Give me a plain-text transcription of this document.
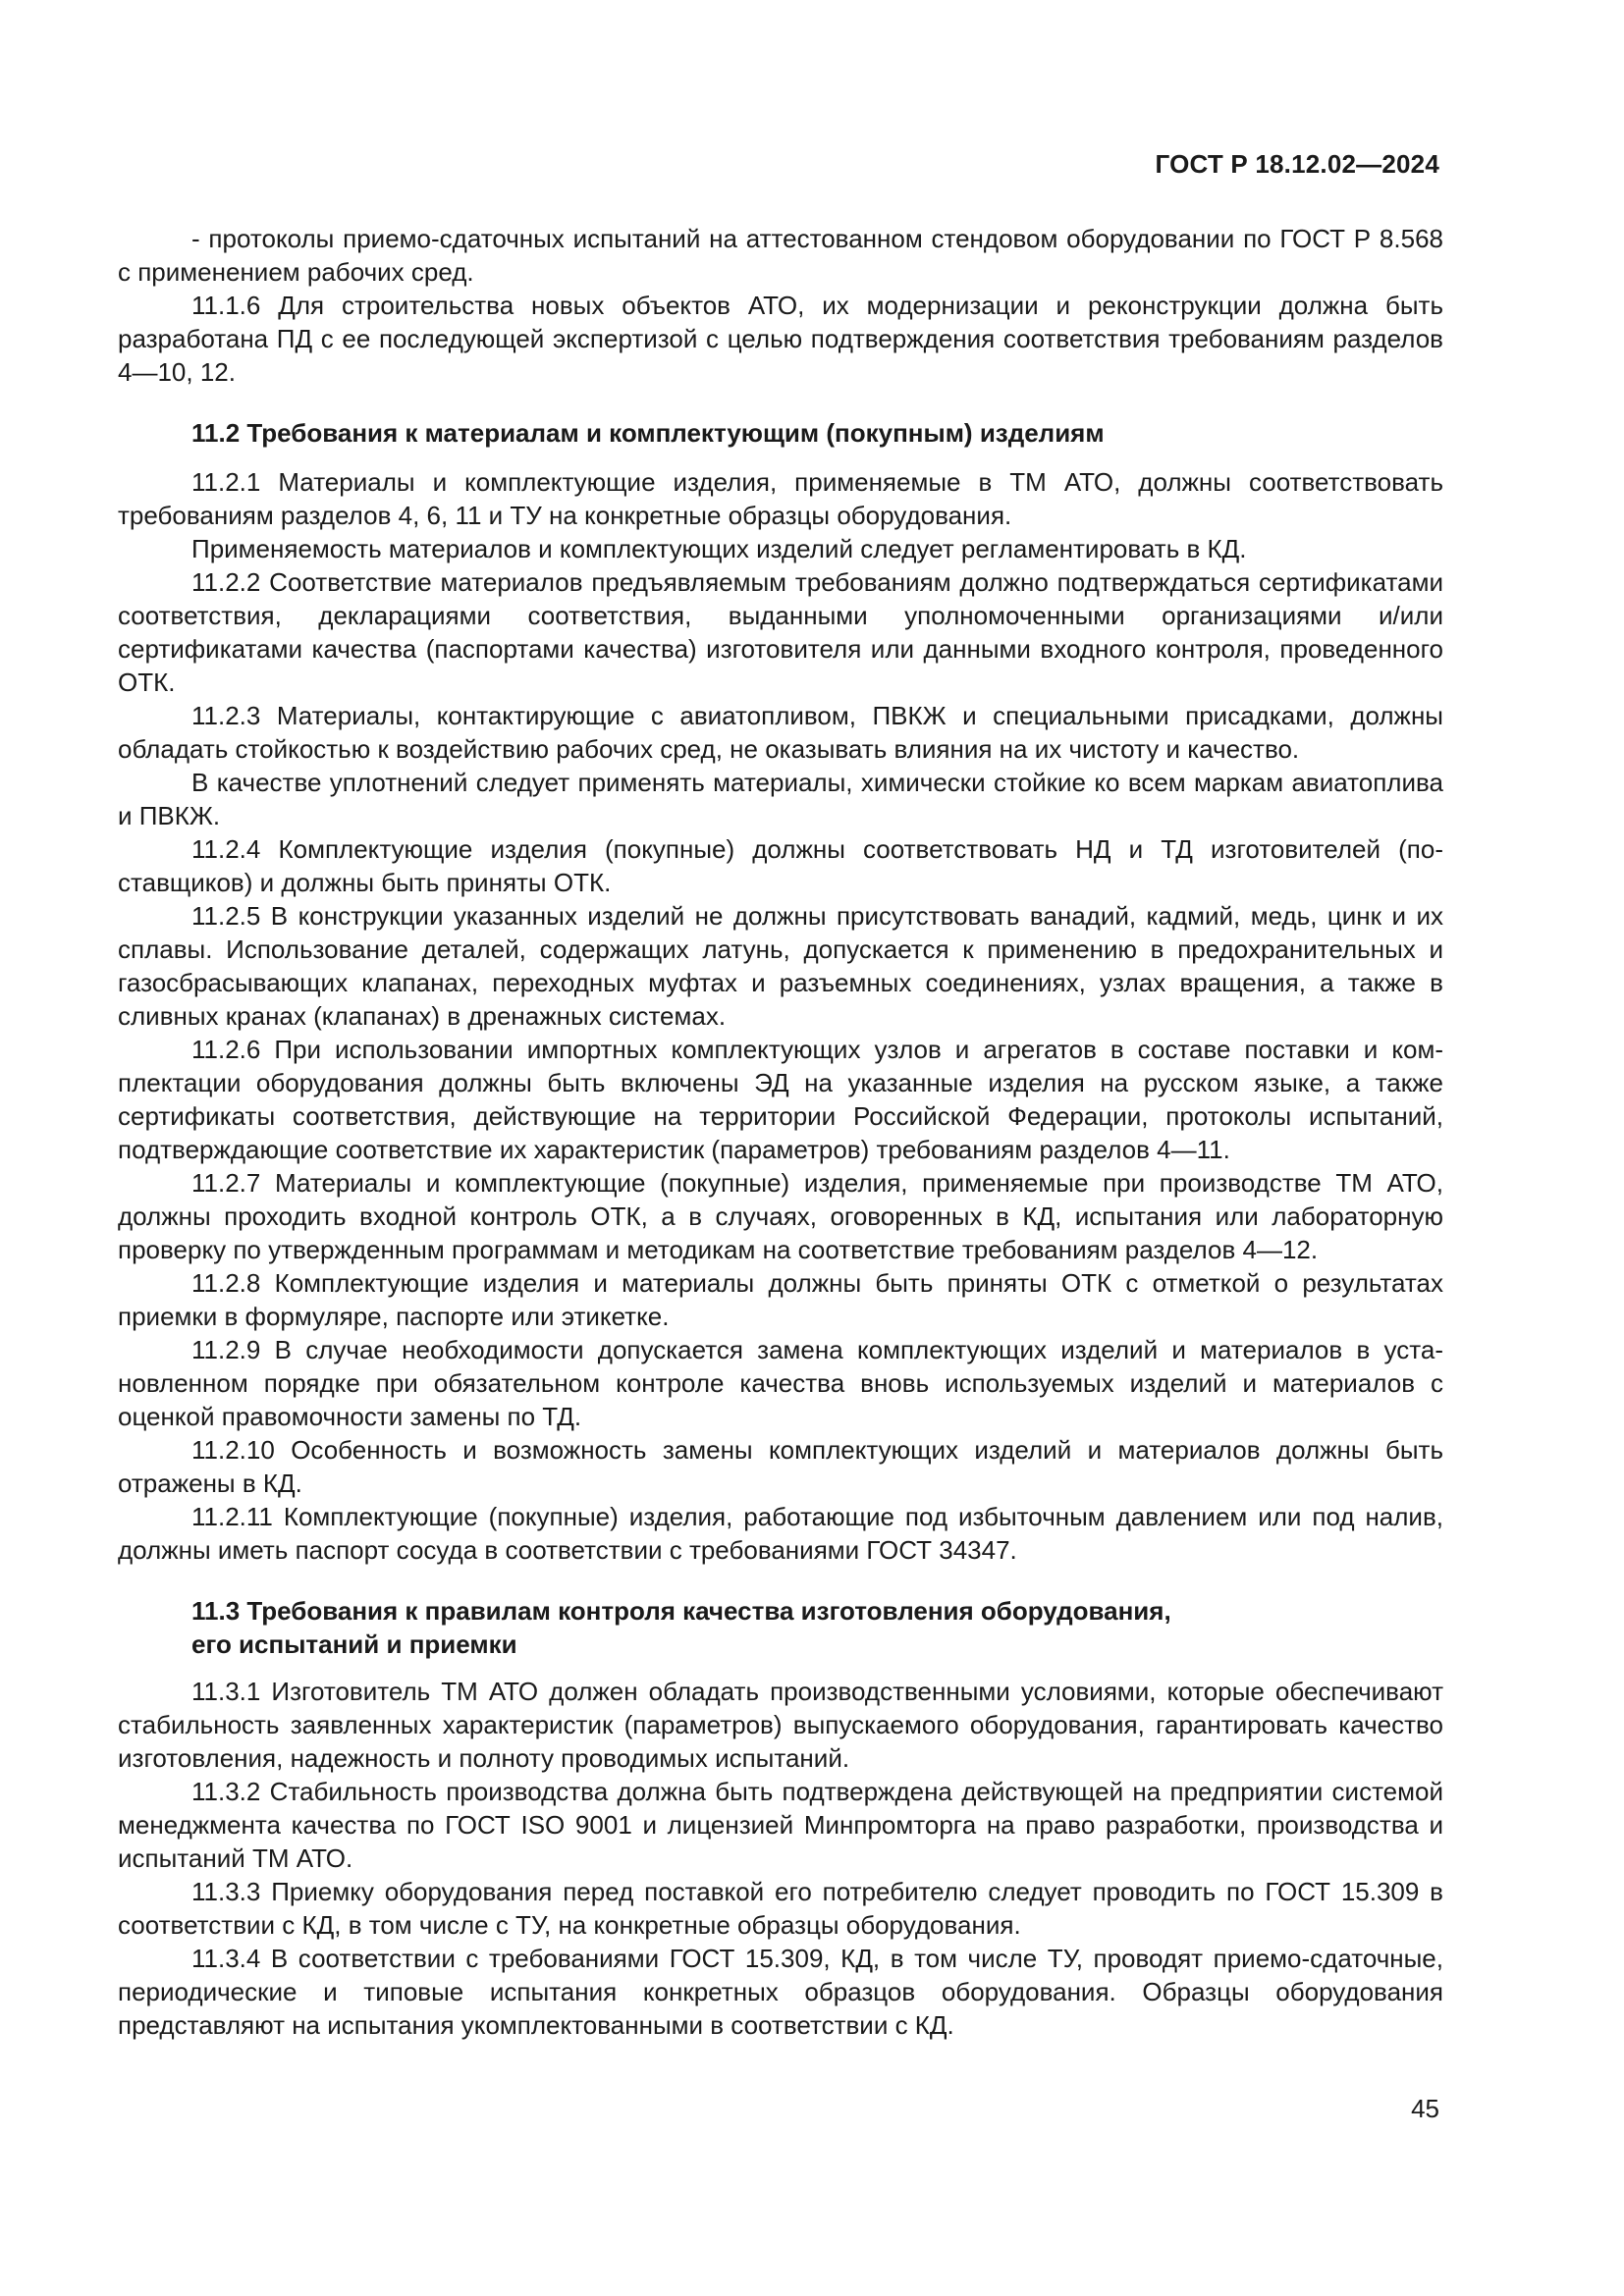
ГОСТ Р 18.12.02—2024

- протоколы приемо-сдаточных испытаний на аттестованном стендовом оборудовании по ГОСТ Р 8.568 с применением рабочих сред.

11.1.6 Для строительства новых объектов АТО, их модернизации и реконструкции должна быть разработана ПД с ее последующей экспертизой с целью подтверждения соответствия требованиям разделов 4—10, 12.

11.2 Требования к материалам и комплектующим (покупным) изделиям

11.2.1 Материалы и комплектующие изделия, применяемые в ТМ АТО, должны соответствовать требованиям разделов 4, 6, 11 и ТУ на конкретные образцы оборудования.

Применяемость материалов и комплектующих изделий следует регламентировать в КД.

11.2.2 Соответствие материалов предъявляемым требованиям должно подтверждаться сертификатами соответствия, декларациями соответствия, выданными уполномоченными организациями и/или сертификатами качества (паспортами качества) изготовителя или данными входного контроля, проведенного ОТК.

11.2.3 Материалы, контактирующие с авиатопливом, ПВКЖ и специальными присадками, должны обладать стойкостью к воздействию рабочих сред, не оказывать влияния на их чистоту и качество.

В качестве уплотнений следует применять материалы, химически стойкие ко всем маркам авиатоплива и ПВКЖ.

11.2.4 Комплектующие изделия (покупные) должны соответствовать НД и ТД изготовителей (поставщиков) и должны быть приняты ОТК.

11.2.5 В конструкции указанных изделий не должны присутствовать ванадий, кадмий, медь, цинк и их сплавы. Использование деталей, содержащих латунь, допускается к применению в предохранительных и газосбрасывающих клапанах, переходных муфтах и разъемных соединениях, узлах вращения, а также в сливных кранах (клапанах) в дренажных системах.

11.2.6 При использовании импортных комплектующих узлов и агрегатов в составе поставки и комплектации оборудования должны быть включены ЭД на указанные изделия на русском языке, а также сертификаты соответствия, действующие на территории Российской Федерации, протоколы испытаний, подтверждающие соответствие их характеристик (параметров) требованиям разделов 4—11.

11.2.7 Материалы и комплектующие (покупные) изделия, применяемые при производстве ТМ АТО, должны проходить входной контроль ОТК, а в случаях, оговоренных в КД, испытания или лабораторную проверку по утвержденным программам и методикам на соответствие требованиям разделов 4—12.

11.2.8 Комплектующие изделия и материалы должны быть приняты ОТК с отметкой о результатах приемки в формуляре, паспорте или этикетке.

11.2.9 В случае необходимости допускается замена комплектующих изделий и материалов в установленном порядке при обязательном контроле качества вновь используемых изделий и материалов с оценкой правомочности замены по ТД.

11.2.10 Особенность и возможность замены комплектующих изделий и материалов должны быть отражены в КД.

11.2.11 Комплектующие (покупные) изделия, работающие под избыточным давлением или под налив, должны иметь паспорт сосуда в соответствии с требованиями ГОСТ 34347.

11.3 Требования к правилам контроля качества изготовления оборудования,
его испытаний и приемки

11.3.1 Изготовитель ТМ АТО должен обладать производственными условиями, которые обеспечивают стабильность заявленных характеристик (параметров) выпускаемого оборудования, гарантировать качество изготовления, надежность и полноту проводимых испытаний.

11.3.2 Стабильность производства должна быть подтверждена действующей на предприятии системой менеджмента качества по ГОСТ ISO 9001 и лицензией Минпромторга на право разработки, производства и испытаний ТМ АТО.

11.3.3 Приемку оборудования перед поставкой его потребителю следует проводить по ГОСТ 15.309 в соответствии с КД, в том числе с ТУ, на конкретные образцы оборудования.

11.3.4 В соответствии с требованиями ГОСТ 15.309, КД, в том числе ТУ, проводят приемо-сдаточные, периодические и типовые испытания конкретных образцов оборудования. Образцы оборудования представляют на испытания укомплектованными в соответствии с КД.

45
